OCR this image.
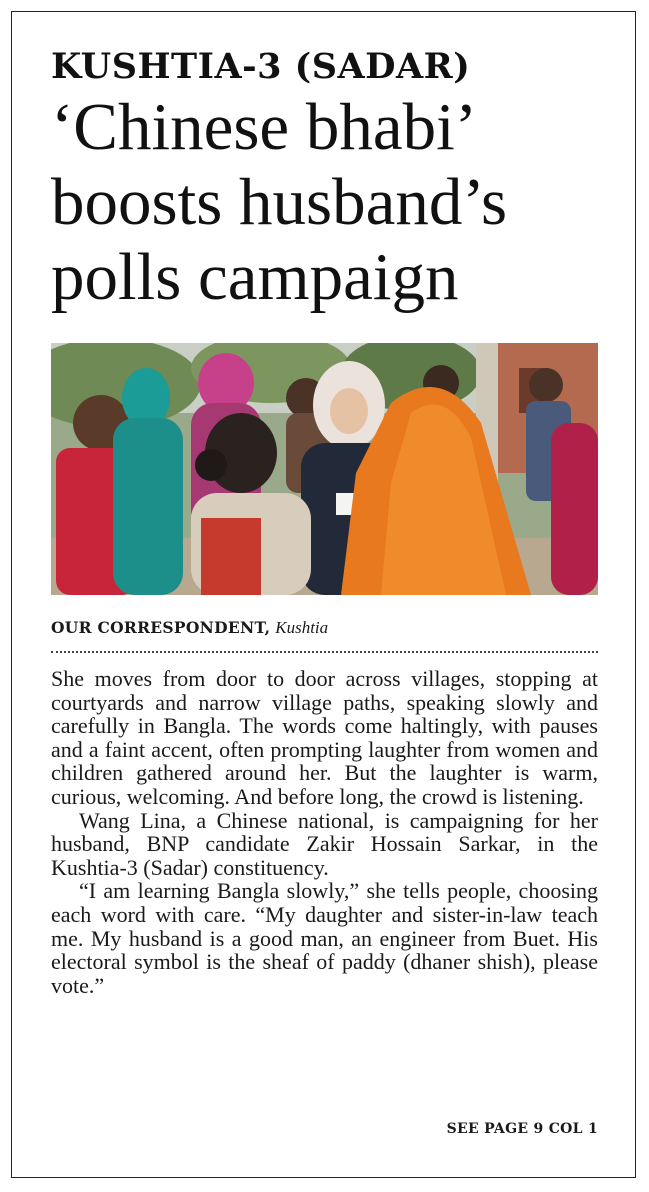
KUSHTIA-3 (SADAR)
‘Chinese bhabi’
boosts husband’s
polls campaign
OUR CORRESPONDENT, Kushtia

She moves from door to door across villages, stopping at courtyards and narrow village paths, speaking slowly and carefully in Bangla. The words come haltingly, with pauses and a faint accent, often prompting laughter from women and children gathered around her. But the laughter is warm, curious, welcoming. And before long, the crowd is listening.

Wang Lina, a Chinese national, is campaigning for her husband, BNP candidate Zakir Hossain Sarkar, in the Kushtia-3 (Sadar) constituency.

“I am learning Bangla slowly,” she tells people, choosing each word with care. “My daughter and sister-in-law teach me. My husband is a good man, an engineer from Buet. His electoral symbol is the sheaf of paddy (dhaner shish), please vote.”

SEE PAGE 9 COL 1
